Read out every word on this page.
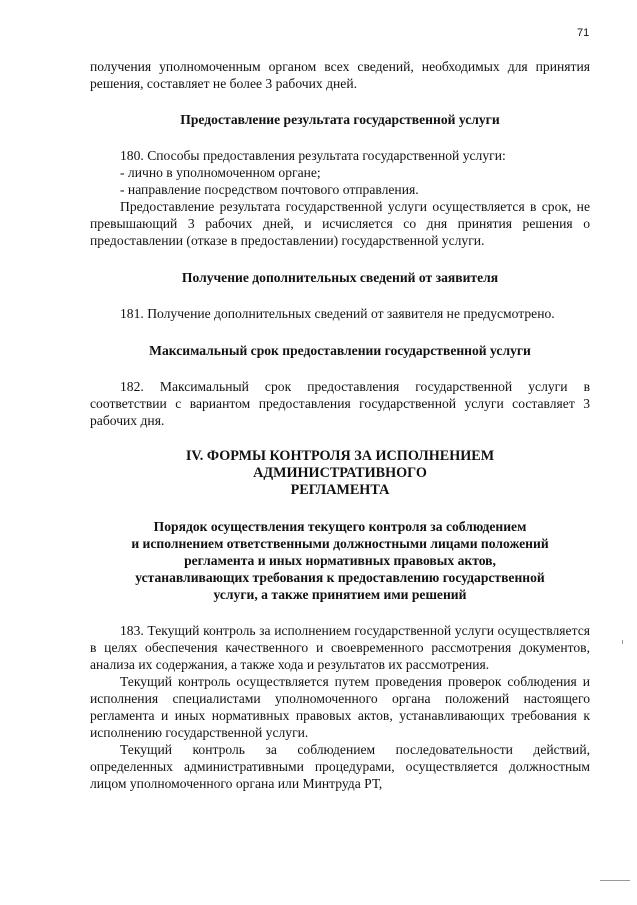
71

получения уполномоченным органом всех сведений, необходимых для принятия решения, составляет не более 3 рабочих дней.

Предоставление результата государственной услуги

180. Способы предоставления результата государственной услуги:

- лично в уполномоченном органе;

- направление посредством почтового отправления.

Предоставление результата государственной услуги осуществляется в срок, не превышающий 3 рабочих дней, и исчисляется со дня принятия решения о предоставлении (отказе в предоставлении) государственной услуги.

Получение дополнительных сведений от заявителя

181. Получение дополнительных сведений от заявителя не предусмотрено.

Максимальный срок предоставлении государственной услуги

182. Максимальный срок предоставления государственной услуги в соответствии с вариантом предоставления государственной услуги составляет 3 рабочих дня.

IV. ФОРМЫ КОНТРОЛЯ ЗА ИСПОЛНЕНИЕМ
АДМИНИСТРАТИВНОГО
РЕГЛАМЕНТА
Порядок осуществления текущего контроля за соблюдением
и исполнением ответственными должностными лицами положений
регламента и иных нормативных правовых актов,
устанавливающих требования к предоставлению государственной
услуги, а также принятием ими решений

183. Текущий контроль за исполнением государственной услуги осуществляется в целях обеспечения качественного и своевременного рассмотрения документов, анализа их содержания, а также хода и результатов их рассмотрения.

Текущий контроль осуществляется путем проведения проверок соблюдения и исполнения специалистами уполномоченного органа положений настоящего регламента и иных нормативных правовых актов, устанавливающих требования к исполнению государственной услуги.

Текущий контроль за соблюдением последовательности действий, определенных административными процедурами, осуществляется должностным лицом уполномоченного органа или Минтруда РТ,
